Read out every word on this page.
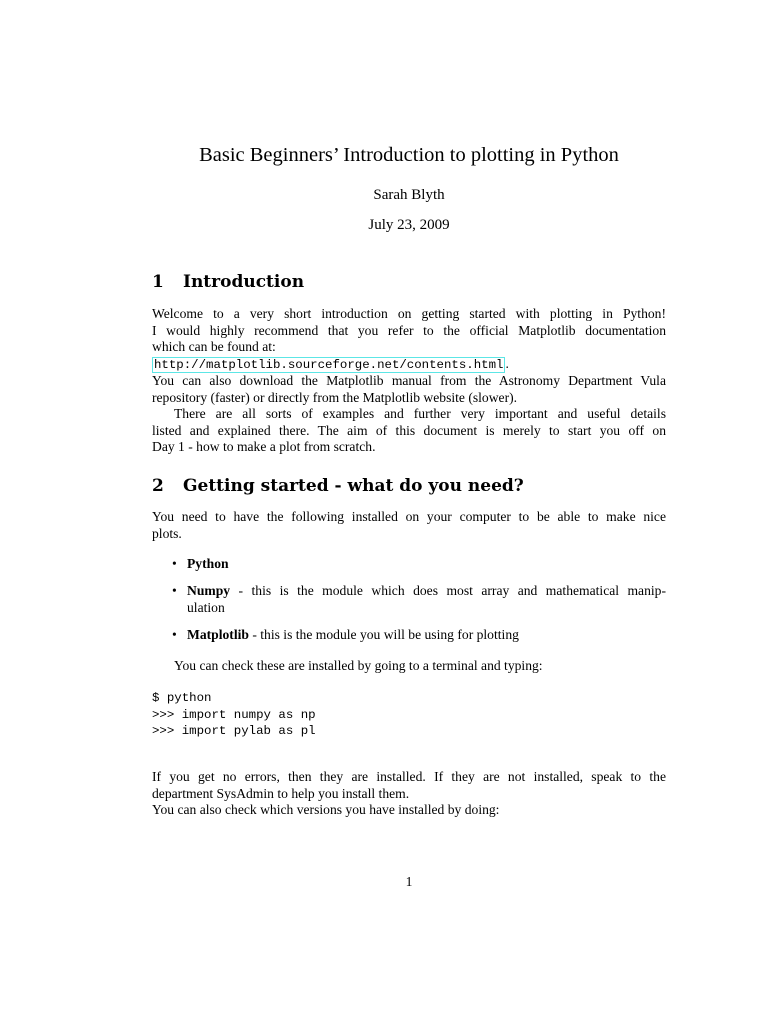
Basic Beginners’ Introduction to plotting in Python
Sarah Blyth
July 23, 2009
1	Introduction
Welcome to a very short introduction on getting started with plotting in Python!
I would highly recommend that you refer to the official Matplotlib documentation
which can be found at:
http://matplotlib.sourceforge.net/contents.html .
You can also download the Matplotlib manual from the Astronomy Department Vula
repository (faster) or directly from the Matplotlib website (slower).
There are all sorts of examples and further very important and useful details
listed and explained there. The aim of this document is merely to start you off on
Day 1 - how to make a plot from scratch.
2	Getting started - what do you need?
You need to have the following installed on your computer to be able to make nice
plots.
• Python
• Numpy - this is the module which does most array and mathematical manip-
ulation
• Matplotlib - this is the module you will be using for plotting
You can check these are installed by going to a terminal and typing:
$ python
>>> import numpy as np
>>> import pylab as pl
If you get no errors, then they are installed. If they are not installed, speak to the
department SysAdmin to help you install them.
You can also check which versions you have installed by doing:
1
